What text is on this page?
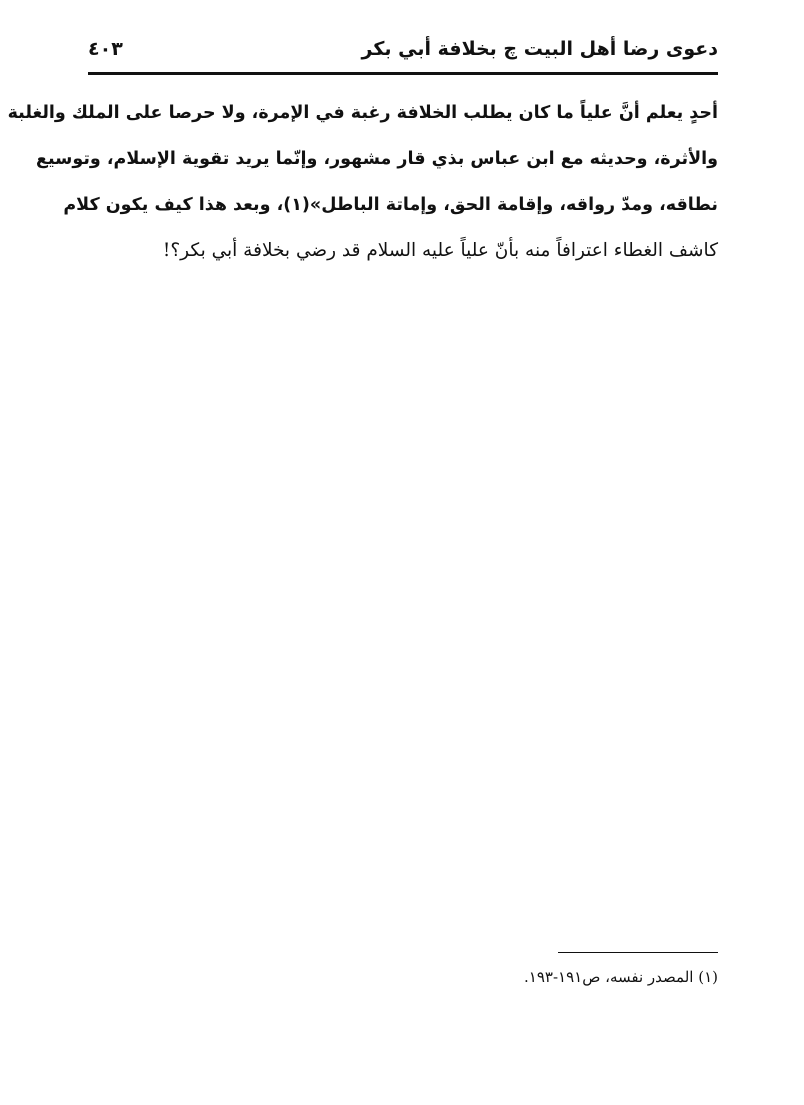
دعوى رضا أهل البيت ﭺ بخلافة أبي بكر
٤٠٣
أحدٍ يعلم أنَّ علياً ما كان يطلب الخلافة رغبة في الإمرة، ولا حرصا على الملك والغلبة
والأثرة، وحديثه مع ابن عباس بذي قار مشهور، وإنّما يريد تقوية الإسلام، وتوسيع
نطاقه، ومدّ رواقه، وإقامة الحق، وإماتة الباطل»(١)، وبعد هذا كيف يكون كلام
كاشف الغطاء اعترافاً منه بأنّ علياً عليه السلام قد رضي بخلافة أبي بكر؟!
(١) المصدر نفسه، ص١٩١-١٩٣.
